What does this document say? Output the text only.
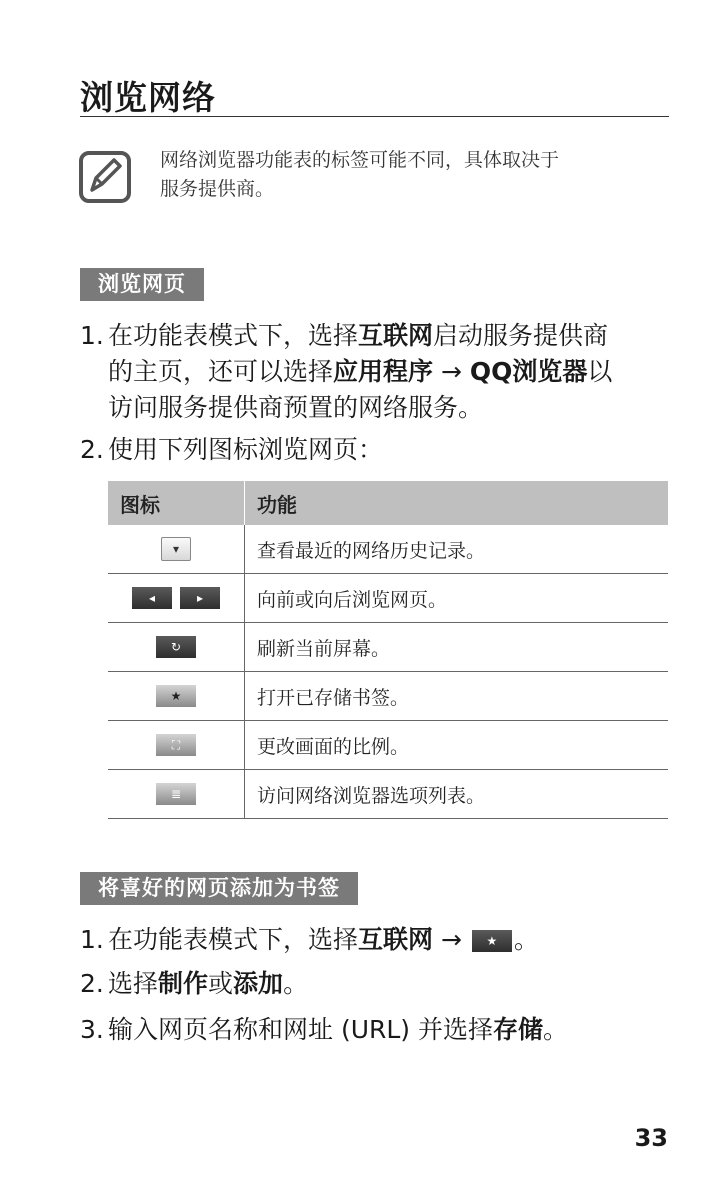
浏览网络
网络浏览器功能表的标签可能不同，具体取决于
服务提供商。
浏览网页
1. 在功能表模式下，选择互联网启动服务提供商
的主页，还可以选择应用程序 → QQ浏览器以
访问服务提供商预置的网络服务。
2. 使用下列图标浏览网页：
图标	功能
▾	查看最近的网络历史记录。

◂ ▸	向前或向后浏览网页。
↻	刷新当前屏幕。
★	打开已存储书签。
⛶	更改画面的比例。
≣	访问网络浏览器选项列表。
将喜好的网页添加为书签
1. 在功能表模式下，选择互联网 → ★ 。
2. 选择制作或添加。
3. 输入网页名称和网址 (URL) 并选择存储。
33
